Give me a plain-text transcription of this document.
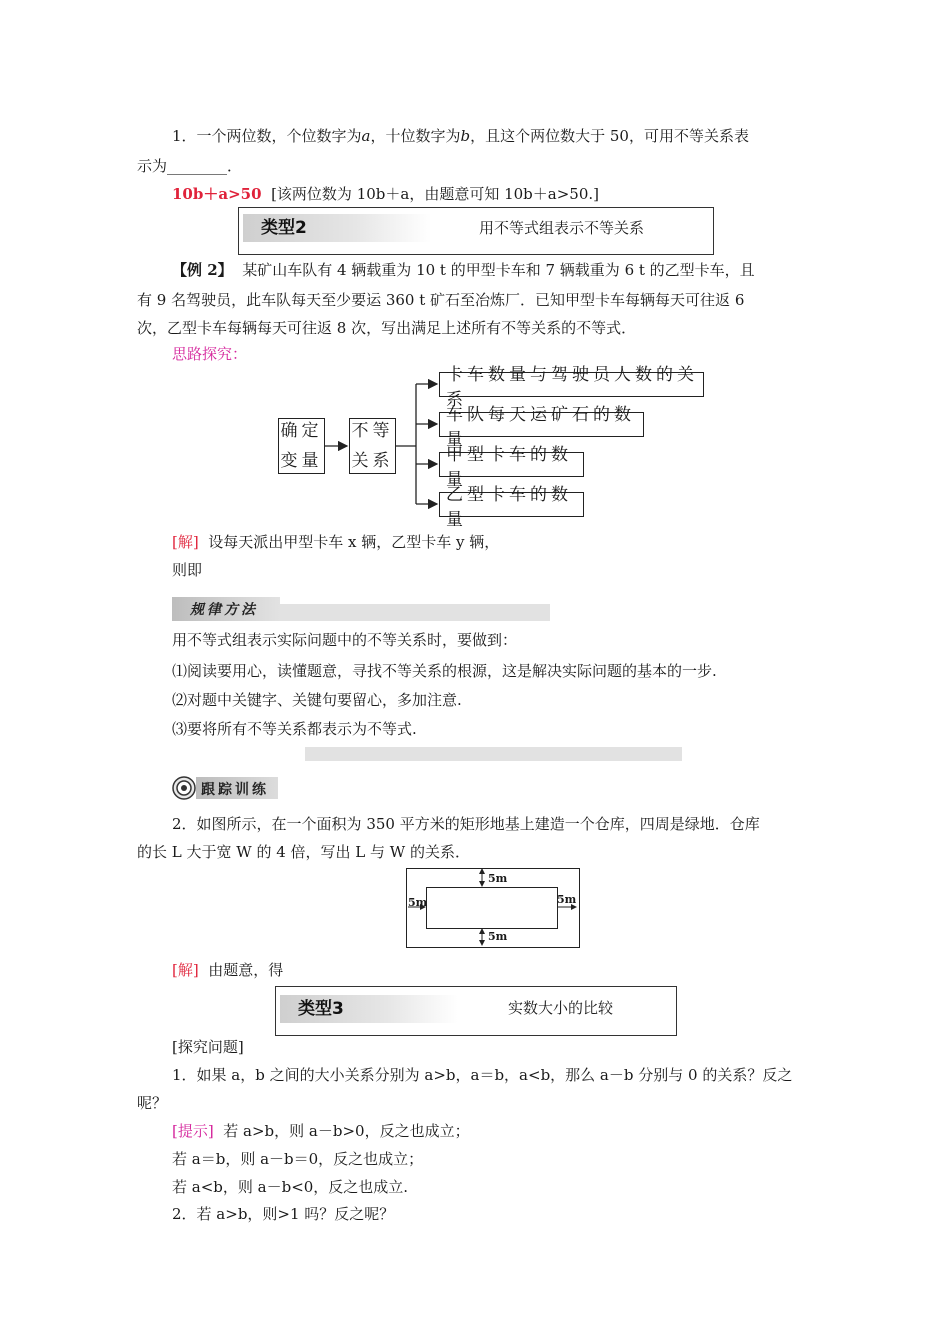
1．一个两位数，个位数字为a，十位数字为b，且这个两位数大于 50，可用不等关系表
示为________．
10b＋a>50 [该两位数为 10b＋a，由题意可知 10b＋a>50.]
类型2	用不等式组表示不等关系
【例 2】 某矿山车队有 4 辆载重为 10 t 的甲型卡车和 7 辆载重为 6 t 的乙型卡车，且
有 9 名驾驶员，此车队每天至少要运 360 t 矿石至冶炼厂．已知甲型卡车每辆每天可往返 6
次，乙型卡车每辆每天可往返 8 次，写出满足上述所有不等关系的不等式．
思路探究：
确定
变量
不等
关系
卡车数量与驾驶员人数的关系
车队每天运矿石的数量
甲型卡车的数量
乙型卡车的数量
[解] 设每天派出甲型卡车 x 辆，乙型卡车 y 辆，
则即
规律方法
用不等式组表示实际问题中的不等关系时，要做到：
⑴阅读要用心，读懂题意，寻找不等关系的根源，这是解决实际问题的基本的一步.
⑵对题中关键字、关键句要留心，多加注意.
⑶要将所有不等关系都表示为不等式.
跟踪训练
2．如图所示，在一个面积为 350 平方米的矩形地基上建造一个仓库，四周是绿地．仓库
的长 L 大于宽 W 的 4 倍，写出 L 与 W 的关系．
5m
5m
5m	5m
[解] 由题意，得
类型3	实数大小的比较
[探究问题]
1．如果 a，b 之间的大小关系分别为 a>b，a＝b，a<b，那么 a－b 分别与 0 的关系？反之
呢？
[提示] 若 a>b，则 a－b>0，反之也成立；
若 a＝b，则 a－b＝0，反之也成立；
若 a<b，则 a－b<0，反之也成立.
2．若 a>b，则>1 吗？反之呢？
